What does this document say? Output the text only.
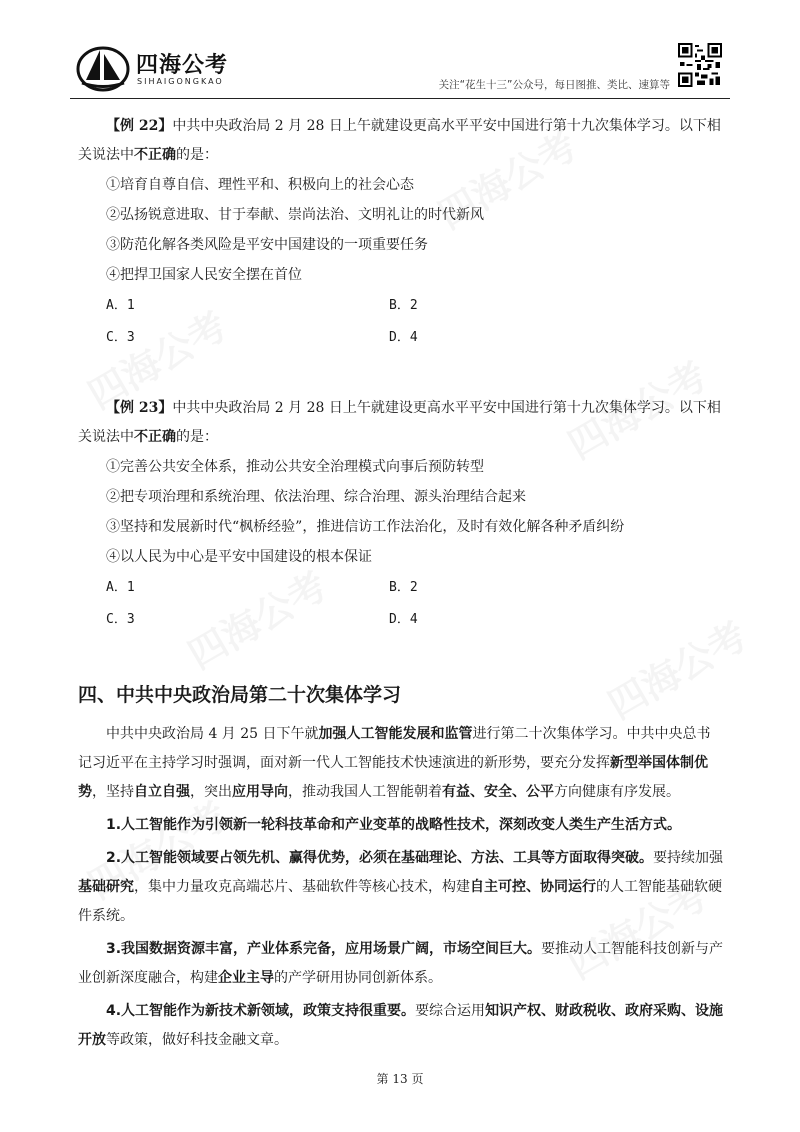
四海公考
SIHAIGONGKAO	关注“花生十三”公众号，每日图推、类比、速算等

【例 22】中共中央政治局 2 月 28 日上午就建设更高水平平安中国进行第十九次集体学习。以下相关说法中不正确的是：

①培育自尊自信、理性平和、积极向上的社会心态

②弘扬锐意进取、甘于奉献、崇尚法治、文明礼让的时代新风

③防范化解各类风险是平安中国建设的一项重要任务

④把捍卫国家人民安全摆在首位

A．1	B．2
C．3	D．4

【例 23】中共中央政治局 2 月 28 日上午就建设更高水平平安中国进行第十九次集体学习。以下相关说法中不正确的是：

①完善公共安全体系，推动公共安全治理模式向事后预防转型

②把专项治理和系统治理、依法治理、综合治理、源头治理结合起来

③坚持和发展新时代“枫桥经验”，推进信访工作法治化，及时有效化解各种矛盾纠纷

④以人民为中心是平安中国建设的根本保证

A．1	B．2
C．3	D．4
四、中共中央政治局第二十次集体学习

中共中央政治局 4 月 25 日下午就加强人工智能发展和监管进行第二十次集体学习。中共中央总书记习近平在主持学习时强调，面对新一代人工智能技术快速演进的新形势，要充分发挥新型举国体制优势，坚持自立自强，突出应用导向，推动我国人工智能朝着有益、安全、公平方向健康有序发展。

1.人工智能作为引领新一轮科技革命和产业变革的战略性技术，深刻改变人类生产生活方式。

2.人工智能领域要占领先机、赢得优势，必须在基础理论、方法、工具等方面取得突破。要持续加强基础研究，集中力量攻克高端芯片、基础软件等核心技术，构建自主可控、协同运行的人工智能基础软硬件系统。

3.我国数据资源丰富，产业体系完备，应用场景广阔，市场空间巨大。要推动人工智能科技创新与产业创新深度融合，构建企业主导的产学研用协同创新体系。

4.人工智能作为新技术新领域，政策支持很重要。要综合运用知识产权、财政税收、政府采购、设施开放等政策，做好科技金融文章。

第 13 页
